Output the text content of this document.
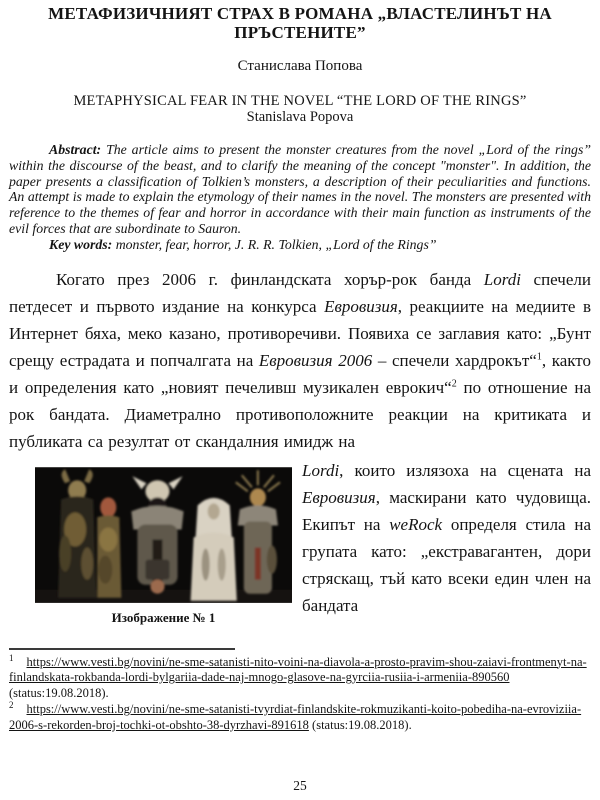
МЕТАФИЗИЧНИЯТ СТРАХ В РОМАНА „ВЛАСТЕЛИНЪТ НА ПРЪСТЕНИТЕ”
Станислава Попова
METAPHYSICAL FEAR IN THE NOVEL “THE LORD OF THE RINGS”
Stanislava Popova

Abstract: The article aims to present the monster creatures from the novel „Lord of the rings” within the discourse of the beast, and to clarify the meaning of the concept "monster". In addition, the paper presents a classification of Tolkien’s monsters, a description of their peculiarities and functions. An attempt is made to explain the etymology of their names in the novel. The monsters are presented with reference to the themes of fear and horror in accordance with their main function as instruments of the evil forces that are subordinate to Sauron.

Key words: monster, fear, horror, J. R. R. Tolkien, „Lord of the Rings”

Когато през 2006 г. финландската хорър-рок банда Lordi спечели петдесет и първото издание на конкурса Евровизия, реакциите на медиите в Интернет бяха, меко казано, противоречиви. Появиха се заглавия като: „Бунт срещу естрадата и попчалгата на Евровизия 2006 – спечели хардрокът“$^1$, както и определения като „новият печеливш музикален еврокич“$^2$ по отношение на рок бандата. Диаметрално противоположните реакции на критиката и публиката са резултат от скандалния имидж на

Изображение № 1

Lordi, които излязоха на сцената на Евровизия, маскирани като чудовища. Екипът на weRock определя стила на групата като: „екстравагантен, дори стряскащ, тъй като всеки един член на бандата

$^1$ https://www.vesti.bg/novini/ne-sme-satanisti-nito-voini-na-diavola-a-prosto-pravim-shou-zaiavi-frontmenyt-na-finlandskata-rokbanda-lordi-bylgariia-dade-naj-mnogo-glasove-na-gyrciia-rusiia-i-armeniia-890560 (status:19.08.2018).

$^2$ https://www.vesti.bg/novini/ne-sme-satanisti-tvyrdiat-finlandskite-rokmuzikanti-koito-pobediha-na-evroviziia-2006-s-rekorden-broj-tochki-ot-obshto-38-dyrzhavi-891618 (status:19.08.2018).

25
